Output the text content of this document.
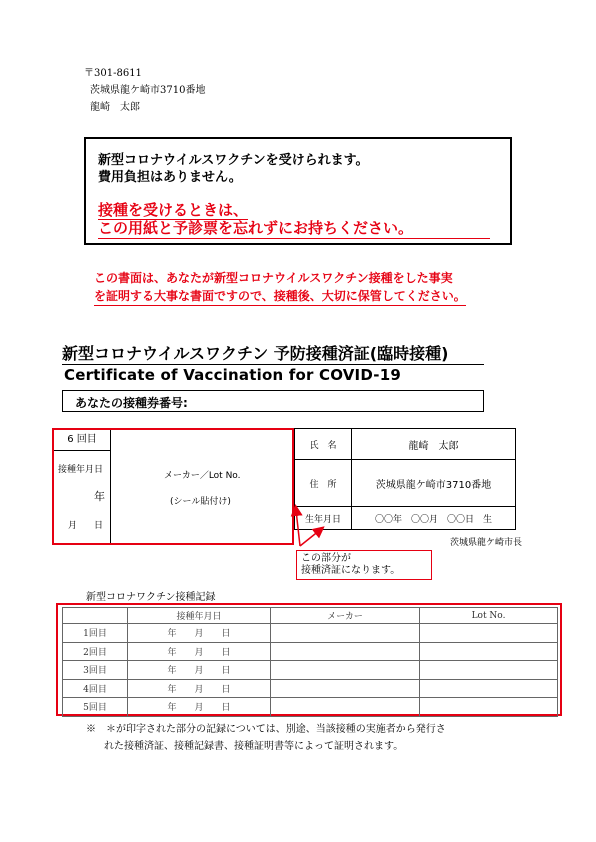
〒301-8611
茨城県龍ケ崎市3710番地
龍崎　太郎
新型コロナウイルスワクチンを受けられます。
費用負担はありません。
接種を受けるときは、
この用紙と予診票を忘れずにお持ちください。
この書面は、あなたが新型コロナウイルスワクチン接種をした事実
を証明する大事な書面ですので、接種後、大切に保管してください。
新型コロナウイルスワクチン 予防接種済証(臨時接種)
Certificate of Vaccination for COVID-19
あなたの接種券番号:
6 回目
接種年月日
年
月 日
メーカー／Lot No.
(シール貼付け)
氏　名	龍崎　太郎
住　所	茨城県龍ケ崎市3710番地
生年月日	〇〇年　〇〇月　〇〇日　生
茨城県龍ケ崎市長
この部分が
接種済証になります。
新型コロナワクチン接種記録
	接種年月日	メーカー	Lot No.
1回目	年　　月　　日		
2回目	年　　月　　日		
3回目	年　　月　　日		
4回目	年　　月　　日		
5回目	年　　月　　日		
※　＊が印字された部分の記録については、別途、当該接種の実施者から発行さ
れた接種済証、接種記録書、接種証明書等によって証明されます。
